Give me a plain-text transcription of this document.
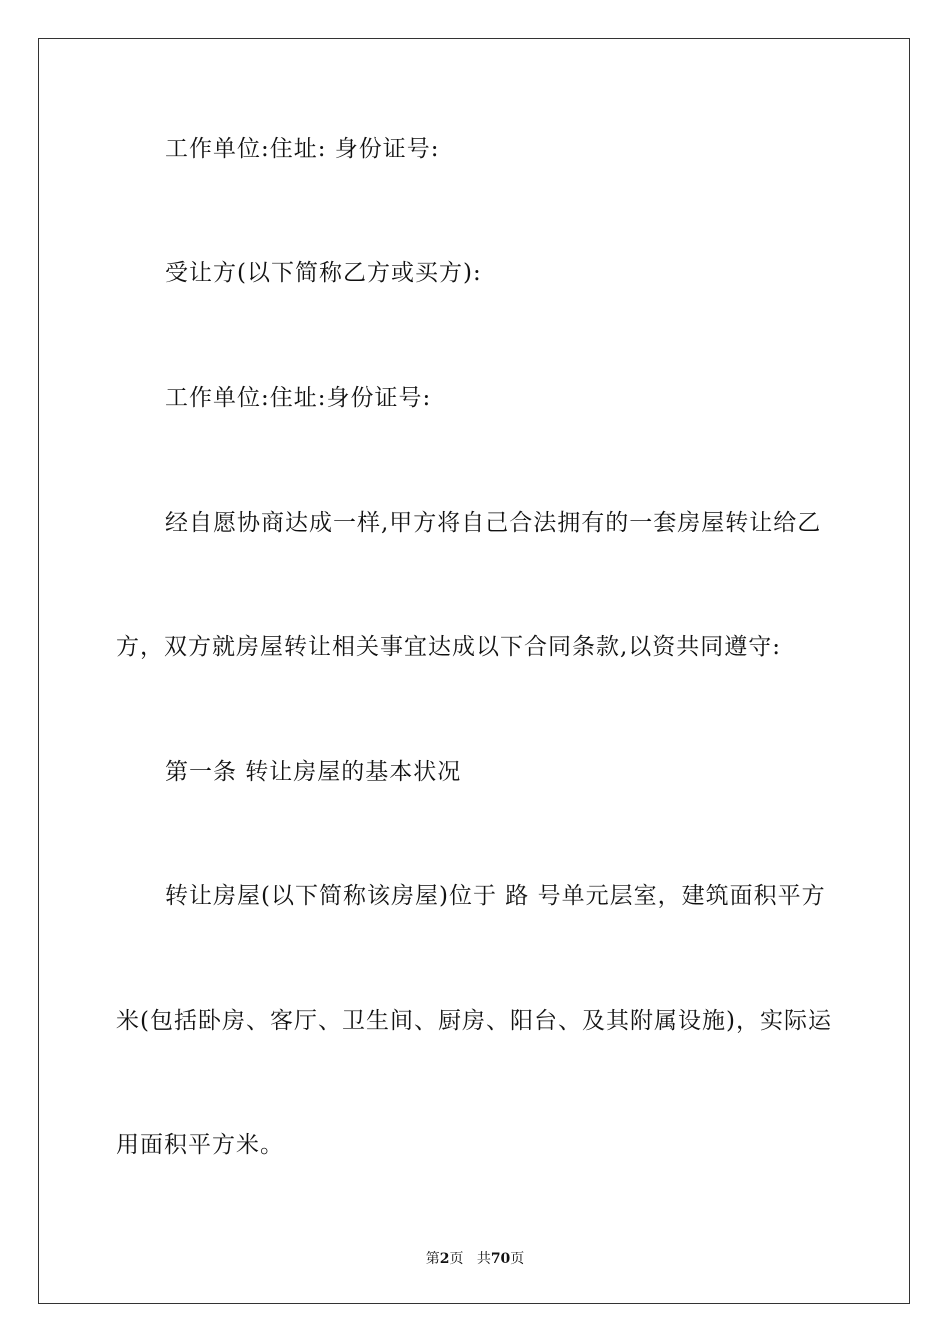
工作单位:住址: 身份证号:
受让方(以下简称乙方或买方):
工作单位:住址:身份证号:
经自愿协商达成一样,甲方将自己合法拥有的一套房屋转让给乙
方，双方就房屋转让相关事宜达成以下合同条款,以资共同遵守:
第一条 转让房屋的基本状况
转让房屋(以下简称该房屋)位于 路 号单元层室，建筑面积平方
米(包括卧房、客厅、卫生间、厨房、阳台、及其附属设施)，实际运
用面积平方米。
第2页 共70页
